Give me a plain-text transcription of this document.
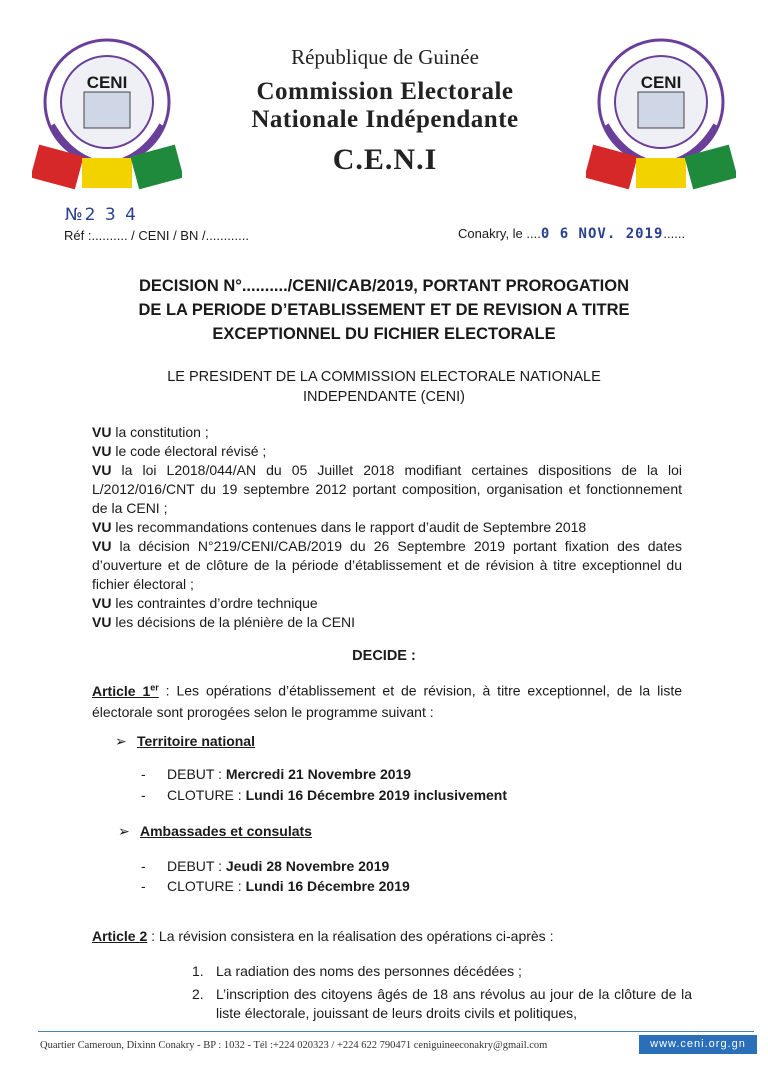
CENI	CENI
République de Guinée
Commission Electorale
Nationale Indépendante
C.E.N.I
№2 3 4
Réf :.......... / CENI / BN /............	Conakry, le ....0 6 NOV. 2019......
DECISION N°........../CENI/CAB/2019, PORTANT PROROGATION
DE LA PERIODE D’ETABLISSEMENT ET DE REVISION A TITRE
EXCEPTIONNEL DU FICHIER ELECTORALE
LE PRESIDENT DE LA COMMISSION ELECTORALE NATIONALE
INDEPENDANTE (CENI)

VU la constitution ;

VU le code électoral révisé ;

VU la loi L2018/044/AN du 05 Juillet 2018 modifiant certaines dispositions de la loi L/2012/016/CNT du 19 septembre 2012 portant composition, organisation et fonctionnement de la CENI ;

VU les recommandations contenues dans le rapport d’audit de Septembre 2018

VU la décision N°219/CENI/CAB/2019 du 26 Septembre 2019 portant fixation des dates d’ouverture et de clôture de la période d’établissement et de révision à titre exceptionnel du fichier électoral ;

VU les contraintes d’ordre technique

VU les décisions de la plénière de la CENI

DECIDE :
Article 1er : Les opérations d’établissement et de révision, à titre exceptionnel, de la liste électorale sont prorogées selon le programme suivant :
➢ Territoire national
- DEBUT : Mercredi 21 Novembre 2019
- CLOTURE : Lundi 16 Décembre 2019 inclusivement
➢ Ambassades et consulats
- DEBUT : Jeudi 28 Novembre 2019
- CLOTURE : Lundi 16 Décembre 2019
Article 2 : La révision consistera en la réalisation des opérations ci-après :
1. La radiation des noms des personnes décédées ;
2. L’inscription des citoyens âgés de 18 ans révolus au jour de la clôture de la liste électorale, jouissant de leurs droits civils et politiques,
Quartier Cameroun, Dixinn Conakry - BP : 1032 - Tél :+224 020323 / +224 622 790471 ceniguineeconakry@gmail.com	www.ceni.org.gn
